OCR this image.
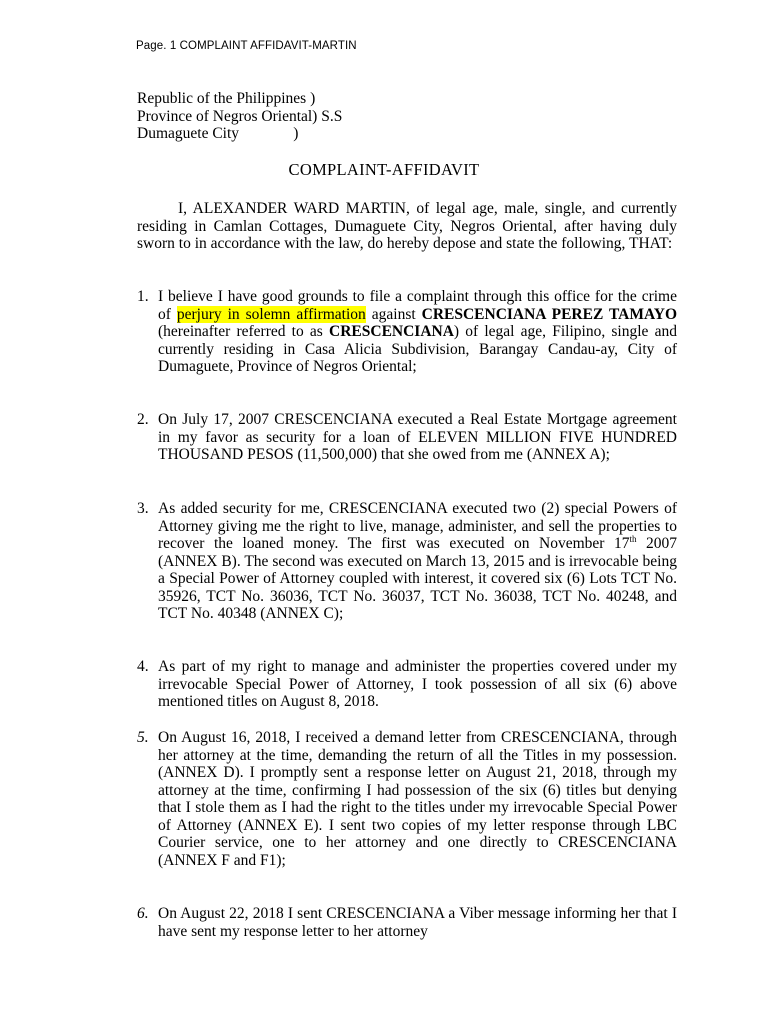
Page. 1 COMPLAINT AFFIDAVIT-MARTIN
Republic of the Philippines )
Province of Negros Oriental) S.S
Dumaguete City              )
COMPLAINT-AFFIDAVIT
I, ALEXANDER WARD MARTIN, of legal age, male, single, and currently residing in Camlan Cottages, Dumaguete City, Negros Oriental, after having duly sworn to in accordance with the law, do hereby depose and state the following, THAT:
1. I believe I have good grounds to file a complaint through this office for the crime of perjury in solemn affirmation against CRESCENCIANA PEREZ TAMAYO (hereinafter referred to as CRESCENCIANA) of legal age, Filipino, single and currently residing in Casa Alicia Subdivision, Barangay Candau-ay, City of Dumaguete, Province of Negros Oriental;
2. On July 17, 2007 CRESCENCIANA executed a Real Estate Mortgage agreement in my favor as security for a loan of ELEVEN MILLION FIVE HUNDRED THOUSAND PESOS (11,500,000) that she owed from me (ANNEX A);
3. As added security for me, CRESCENCIANA executed two (2) special Powers of Attorney giving me the right to live, manage, administer, and sell the properties to recover the loaned money. The first was executed on November 17th 2007 (ANNEX B). The second was executed on March 13, 2015 and is irrevocable being a Special Power of Attorney coupled with interest, it covered six (6) Lots TCT No. 35926, TCT No. 36036, TCT No. 36037, TCT No. 36038, TCT No. 40248, and TCT No. 40348 (ANNEX C);
4. As part of my right to manage and administer the properties covered under my irrevocable Special Power of Attorney, I took possession of all six (6) above mentioned titles on August 8, 2018.
5. On August 16, 2018, I received a demand letter from CRESCENCIANA, through her attorney at the time, demanding the return of all the Titles in my possession. (ANNEX D). I promptly sent a response letter on August 21, 2018, through my attorney at the time, confirming I had possession of the six (6) titles but denying that I stole them as I had the right to the titles under my irrevocable Special Power of Attorney (ANNEX E). I sent two copies of my letter response through LBC Courier service, one to her attorney and one directly to CRESCENCIANA (ANNEX F and F1);
6. On August 22, 2018 I sent CRESCENCIANA a Viber message informing her that I have sent my response letter to her attorney
